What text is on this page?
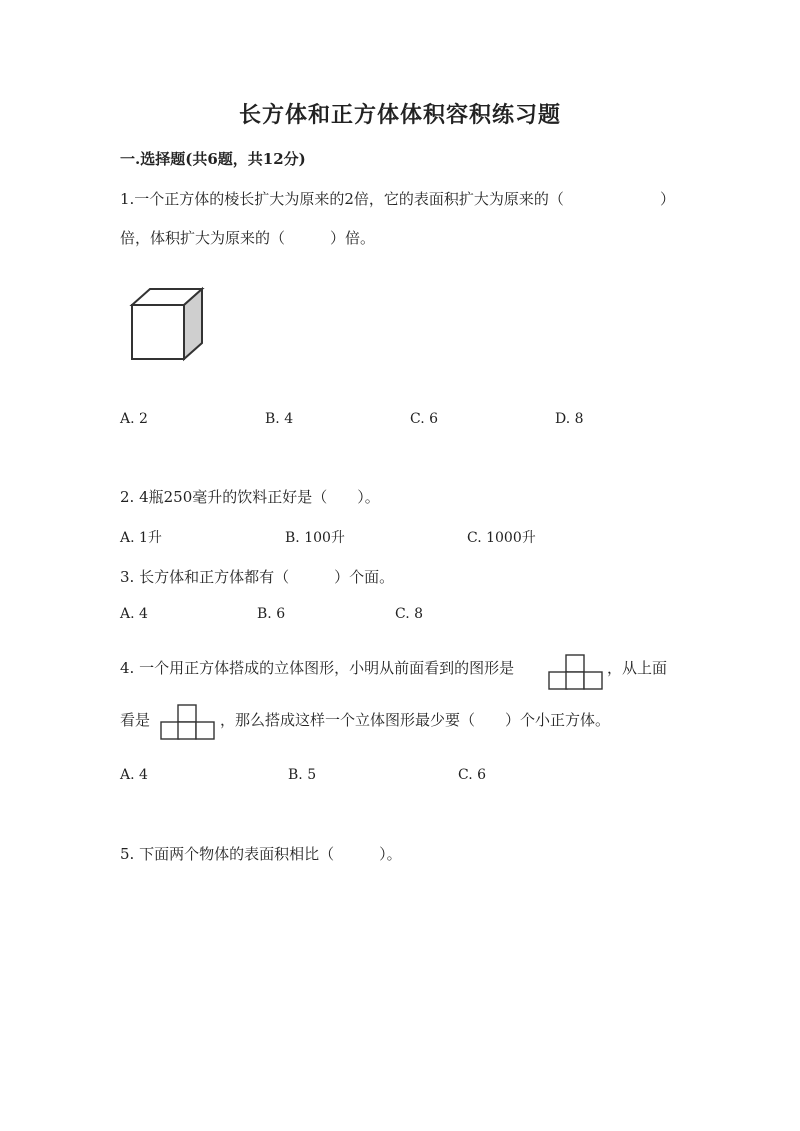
长方体和正方体体积容积练习题
一.选择题(共6题，共12分)
1.一个正方体的棱长扩大为原来的2倍，它的表面积扩大为原来的（	）
倍，体积扩大为原来的（　　　）倍。
A. 2	B. 4	C. 6	D. 8
2. 4瓶250毫升的饮料正好是（　　）。
A. 1升	B. 100升	C. 1000升
3. 长方体和正方体都有（　　　）个面。
A. 4	B. 6	C. 8
4. 一个用正方体搭成的立体图形，小明从前面看到的图形是	，从上面
看是	，那么搭成这样一个立体图形最少要（　　）个小正方体。
A. 4	B. 5	C. 6
5. 下面两个物体的表面积相比（　　　）。
